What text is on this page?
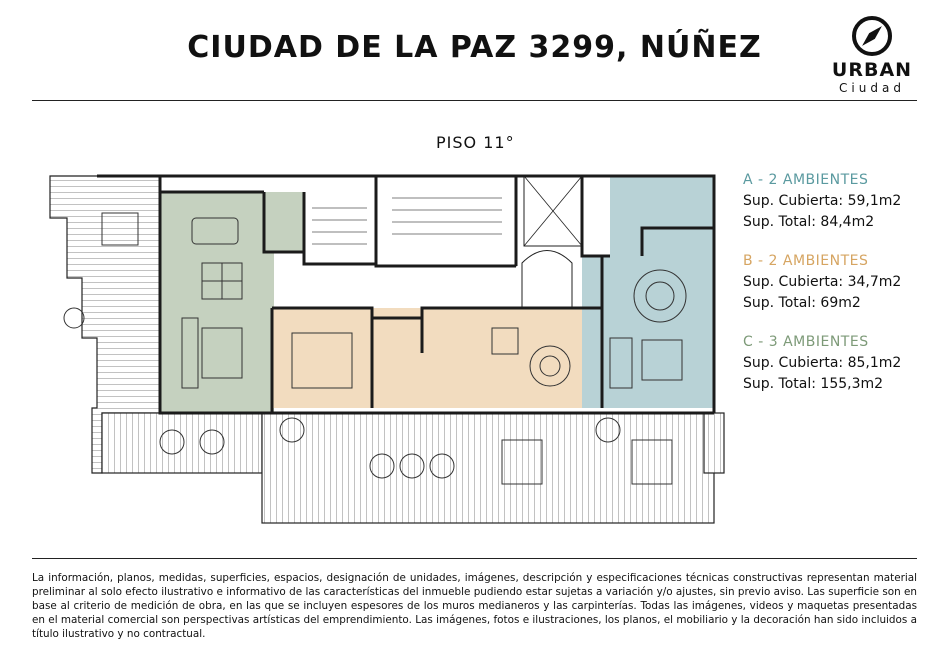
CIUDAD DE LA PAZ 3299, NÚÑEZ
URBAN
Ciudad
PISO 11°
A - 2 AMBIENTES
Sup. Cubierta: 59,1m2
Sup. Total: 84,4m2
B - 2 AMBIENTES
Sup. Cubierta: 34,7m2
Sup. Total: 69m2
C - 3 AMBIENTES
Sup. Cubierta: 85,1m2
Sup. Total: 155,3m2
La información, planos, medidas, superficies, espacios, designación de unidades, imágenes, descripción y especificaciones técnicas constructivas representan material preliminar al solo efecto ilustrativo e informativo de las características del inmueble pudiendo estar sujetas a variación y/o ajustes, sin previo aviso. Las superficie son en base al criterio de medición de obra, en las que se incluyen espesores de los muros medianeros y las carpinterías. Todas las imágenes, videos y maquetas presentadas en el material comercial son perspectivas artísticas del emprendimiento. Las imágenes, fotos e ilustraciones, los planos, el mobiliario y la decoración han sido incluidos a título ilustrativo y no contractual.
